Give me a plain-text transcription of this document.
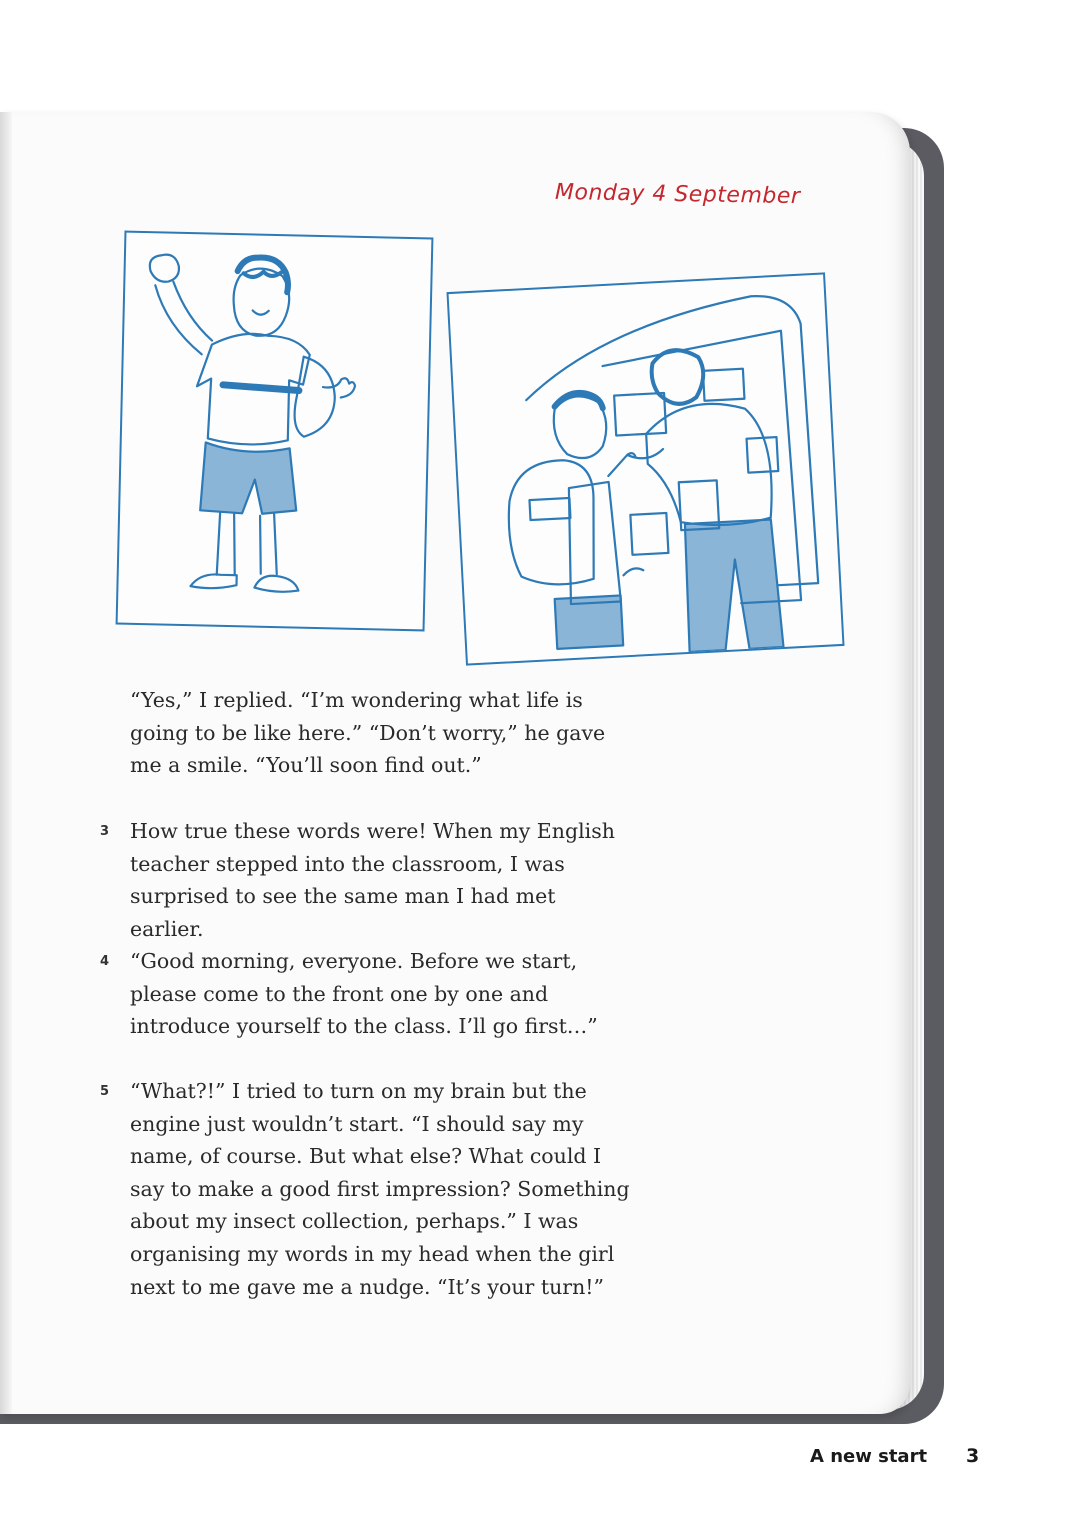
Monday 4 September
“Yes,” I replied. “I’m wondering what life is going to be like here.” “Don’t worry,” he gave me a smile. “You’ll soon find out.”
3 How true these words were! When my English teacher stepped into the classroom, I was surprised to see the same man I had met earlier.
4 “Good morning, everyone. Before we start, please come to the front one by one and introduce yourself to the class. I’ll go first…”
5 “What?!” I tried to turn on my brain but the engine just wouldn’t start. “I should say my name, of course. But what else? What could I say to make a good first impression? Something about my insect collection, perhaps.” I was organising my words in my head when the girl next to me gave me a nudge. “It’s your turn!”
A new start 3
